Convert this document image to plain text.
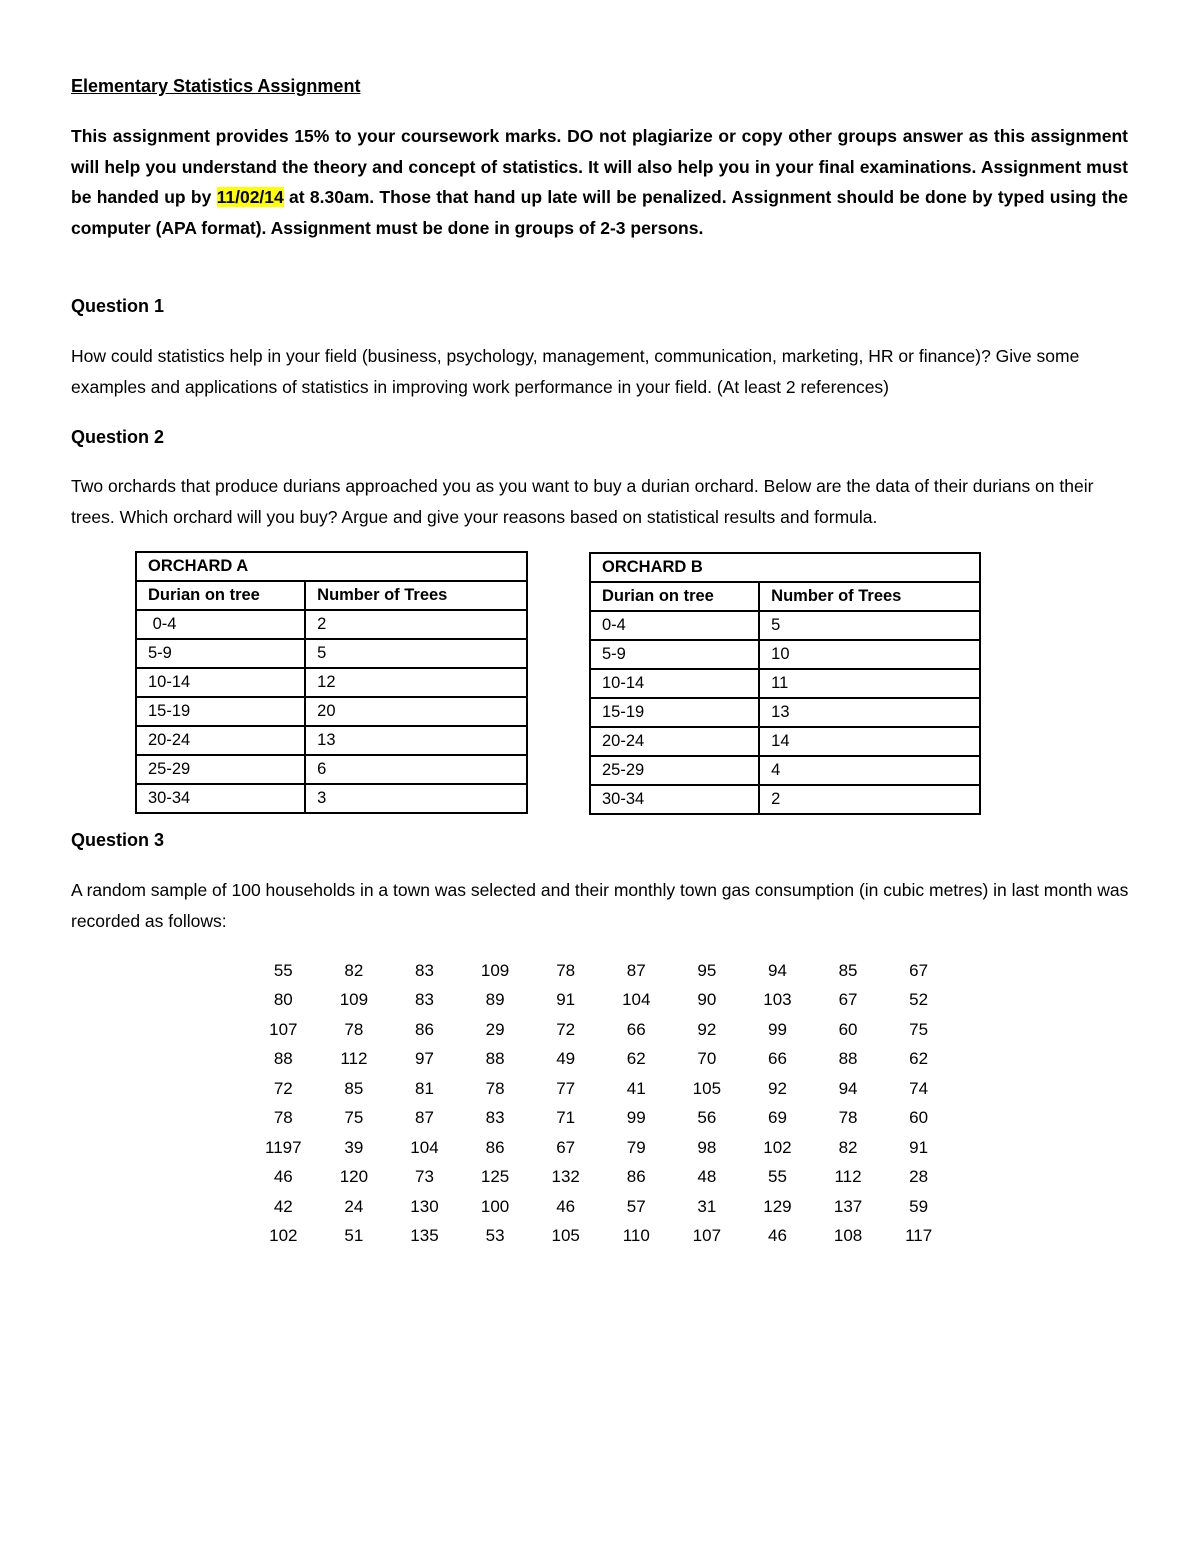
Elementary Statistics Assignment

This assignment provides 15% to your coursework marks. DO not plagiarize or copy other groups answer as this assignment will help you understand the theory and concept of statistics. It will also help you in your final examinations. Assignment must be handed up by 11/02/14 at 8.30am. Those that hand up late will be penalized. Assignment should be done by typed using the computer (APA format). Assignment must be done in groups of 2-3 persons.

Question 1

How could statistics help in your field (business, psychology, management, communication, marketing, HR or finance)? Give some examples and applications of statistics in improving work performance in your field. (At least 2 references)

Question 2

Two orchards that produce durians approached you as you want to buy a durian orchard. Below are the data of their durians on their trees. Which orchard will you buy? Argue and give your reasons based on statistical results and formula.

ORCHARD A	
Durian on tree	Number of Trees
0-4	2
5-9	5
10-14	12
15-19	20
20-24	13
25-29	6
30-34	3
ORCHARD B	
Durian on tree	Number of Trees
0-4	5
5-9	10
10-14	11
15-19	13
20-24	14
25-29	4
30-34	2
Question 3

A random sample of 100 households in a town was selected and their monthly town gas consumption (in cubic metres) in last month was recorded as follows:

55	82	83	109	78	87	95	94	85	67
80	109	83	89	91	104	90	103	67	52
107	78	86	29	72	66	92	99	60	75
88	112	97	88	49	62	70	66	88	62
72	85	81	78	77	41	105	92	94	74
78	75	87	83	71	99	56	69	78	60
1197	39	104	86	67	79	98	102	82	91
46	120	73	125	132	86	48	55	112	28
42	24	130	100	46	57	31	129	137	59
102	51	135	53	105	110	107	46	108	117
